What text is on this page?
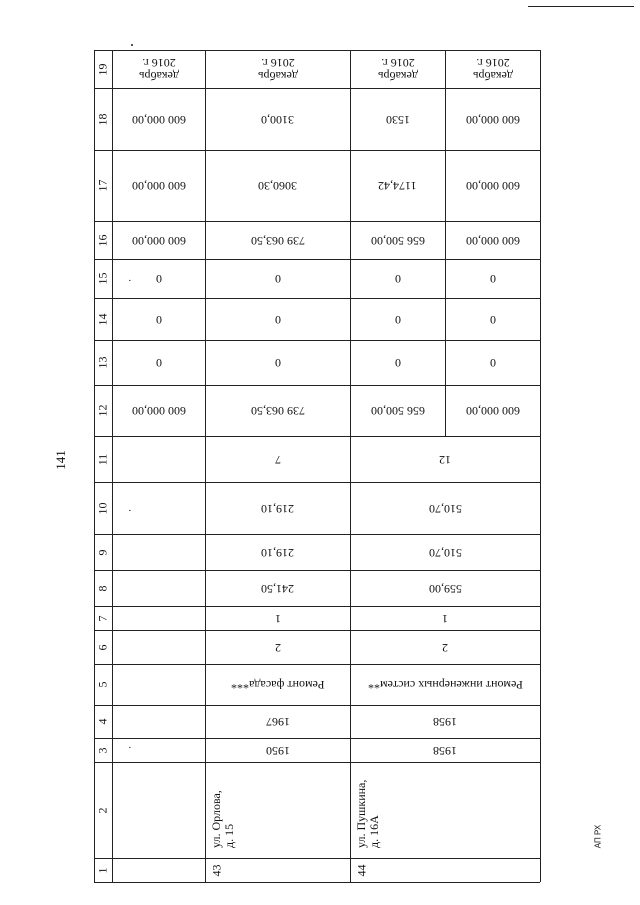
141
АП РХ
19
18
17
16
15
14
13
12
11
10
9
8
7
6
5
4
3
2
1
декабрь
2016 г.
600 000,00
600 000,00
600 000,00
0
0
0
600 000,00
·
·
·
декабрь
2016 г.
3100,0
3060,30
739 063,50
0
0
0
739 063,50
7
219,10
219,10
241,50
1
2
Ремонт фасада***
1967
1950
ул. Орлова, д. 15
43
декабрь
2016 г.
1530
1174,42
656 500,00
0
0
0
656 500,00
декабрь
2016 г.
600 000,00
600 000,00
600 000,00
0
0
0
600 000,00
12
510,70
510,70
559,00
1
2
Ремонт инженерных систем**
1958
1958
ул. Пушкина, д. 16А
44
